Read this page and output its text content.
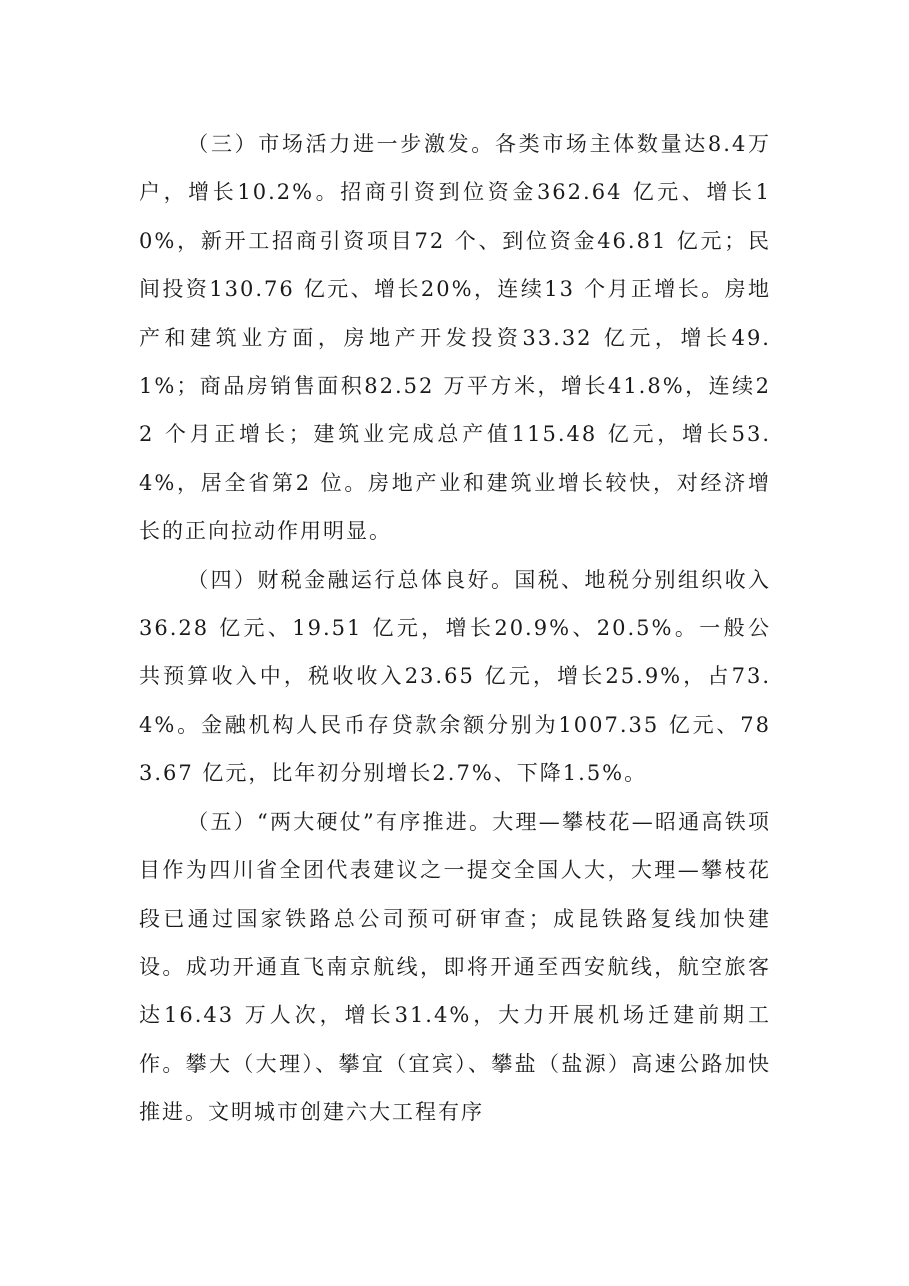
（三）市场活力进一步激发。各类市场主体数量达8.4万户，增长10.2%。招商引资到位资金362.64 亿元、增长10%，新开工招商引资项目72 个、到位资金46.81 亿元；民间投资130.76 亿元、增长20%，连续13 个月正增长。房地产和建筑业方面，房地产开发投资33.32 亿元，增长49.1%；商品房销售面积82.52 万平方米，增长41.8%，连续22 个月正增长；建筑业完成总产值115.48 亿元，增长53.4%，居全省第2 位。房地产业和建筑业增长较快，对经济增长的正向拉动作用明显。

（四）财税金融运行总体良好。国税、地税分别组织收入 36.28 亿元、19.51 亿元，增长20.9%、20.5%。一般公共预算收入中，税收收入23.65 亿元，增长25.9%，占73.4%。金融机构人民币存贷款余额分别为1007.35 亿元、783.67 亿元，比年初分别增长2.7%、下降1.5%。

（五）“两大硬仗”有序推进。大理—攀枝花—昭通高铁项目作为四川省全团代表建议之一提交全国人大，大理—攀枝花段已通过国家铁路总公司预可研审查；成昆铁路复线加快建设。成功开通直飞南京航线，即将开通至西安航线，航空旅客达16.43 万人次，增长31.4%，大力开展机场迁建前期工作。攀大（大理）、攀宜（宜宾）、攀盐（盐源）高速公路加快推进。文明城市创建六大工程有序
